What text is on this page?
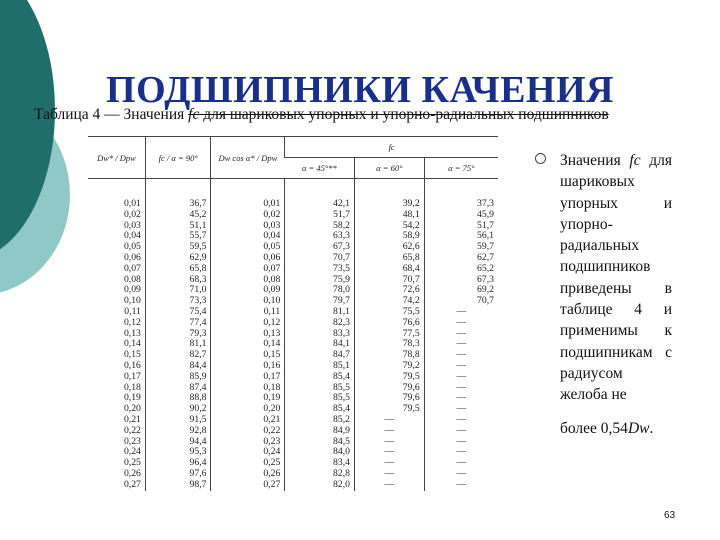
ПОДШИПНИКИ КАЧЕНИЯ
Таблица 4 — Значения fc для шариковых упорных и упорно-радиальных подшипников
Dw* / Dpw	fc / α = 90°	Dw cos α* / Dpw	fc		
			α = 45°**	α = 60°	α = 75°
0,01	36,7	0,01	42,1	39,2	37,3
0,02	45,2	0,02	51,7	48,1	45,9
0,03	51,1	0,03	58,2	54,2	51,7
0,04	55,7	0,04	63,3	58,9	56,1
0,05	59,5	0,05	67,3	62,6	59,7
0,06	62,9	0,06	70,7	65,8	62,7
0,07	65,8	0,07	73,5	68,4	65,2
0,08	68,3	0,08	75,9	70,7	67,3
0,09	71,0	0,09	78,0	72,6	69,2
0,10	73,3	0,10	79,7	74,2	70,7
0,11	75,4	0,11	81,1	75,5	—
0,12	77,4	0,12	82,3	76,6	—
0,13	79,3	0,13	83,3	77,5	—
0,14	81,1	0,14	84,1	78,3	—
0,15	82,7	0,15	84,7	78,8	—
0,16	84,4	0,16	85,1	79,2	—
0,17	85,9	0,17	85,4	79,5	—
0,18	87,4	0,18	85,5	79,6	—
0,19	88,8	0,19	85,5	79,6	—
0,20	90,2	0,20	85,4	79,5	—
0,21	91,5	0,21	85,2	—	—
0,22	92,8	0,22	84,9	—	—
0,23	94,4	0,23	84,5	—	—
0,24	95,3	0,24	84,0	—	—
0,25	96,4	0,25	83,4	—	—
0,26	97,6	0,26	82,8	—	—
0,27	98,7	0,27	82,0	—	—
Значения fc для шариковых упорных и упорно-радиальных подшипников приведены в таблице 4 и применимы к подшипникам с радиусом желоба не
более 0,54Dw.
63
